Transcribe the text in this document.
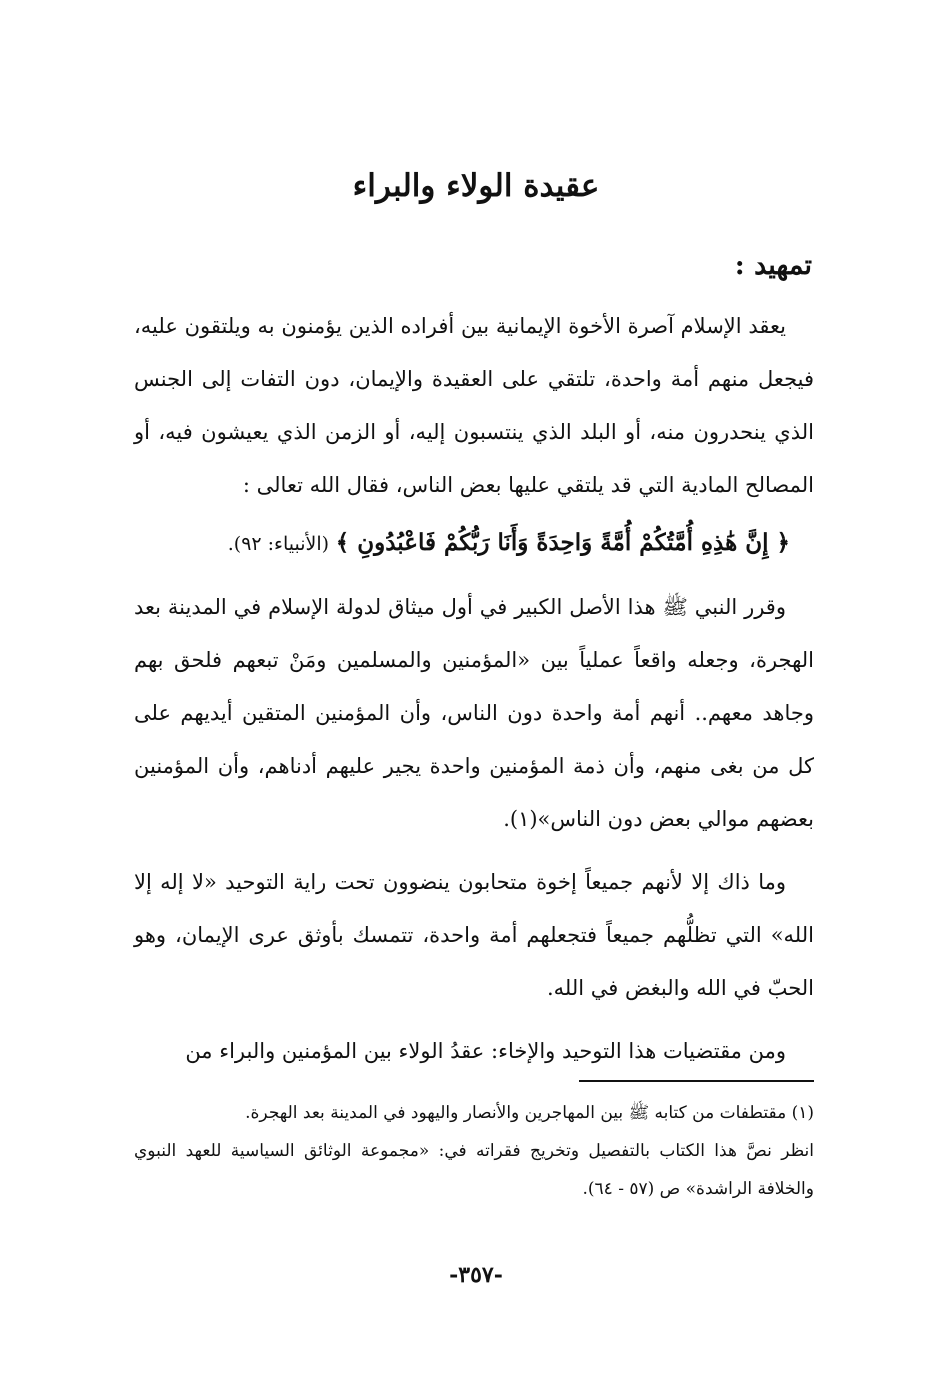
عقيدة الولاء والبراء
تمهيد :

يعقد الإسلام آصرة الأخوة الإيمانية بين أفراده الذين يؤمنون به ويلتقون عليه، فيجعل منهم أمة واحدة، تلتقي على العقيدة والإيمان، دون التفات إلى الجنس الذي ينحدرون منه، أو البلد الذي ينتسبون إليه، أو الزمن الذي يعيشون فيه، أو المصالح المادية التي قد يلتقي عليها بعض الناس، فقال الله تعالى :

﴿ إِنَّ هَٰذِهِ أُمَّتُكُمْ أُمَّةً وَاحِدَةً وَأَنَا رَبُّكُمْ فَاعْبُدُونِ ﴾ (الأنبياء: ٩٢).

وقرر النبي ﷺ هذا الأصل الكبير في أول ميثاق لدولة الإسلام في المدينة بعد الهجرة، وجعله واقعاً عملياً بين «المؤمنين والمسلمين ومَنْ تبعهم فلحق بهم وجاهد معهم.. أنهم أمة واحدة دون الناس، وأن المؤمنين المتقين أيديهم على كل من بغى منهم، وأن ذمة المؤمنين واحدة يجير عليهم أدناهم، وأن المؤمنين بعضهم موالي بعض دون الناس»(١).

وما ذاك إلا لأنهم جميعاً إخوة متحابون ينضوون تحت راية التوحيد «لا إله إلا الله» التي تظلُّهم جميعاً فتجعلهم أمة واحدة، تتمسك بأوثق عرى الإيمان، وهو الحبّ في الله والبغض في الله.

ومن مقتضيات هذا التوحيد والإخاء: عقدُ الولاء بين المؤمنين والبراء من

(١) مقتطفات من كتابه ﷺ بين المهاجرين والأنصار واليهود في المدينة بعد الهجرة.

انظر نصَّ هذا الكتاب بالتفصيل وتخريج فقراته في: «مجموعة الوثائق السياسية للعهد النبوي والخلافة الراشدة» ص (٥٧ - ٦٤).

-٣٥٧-
